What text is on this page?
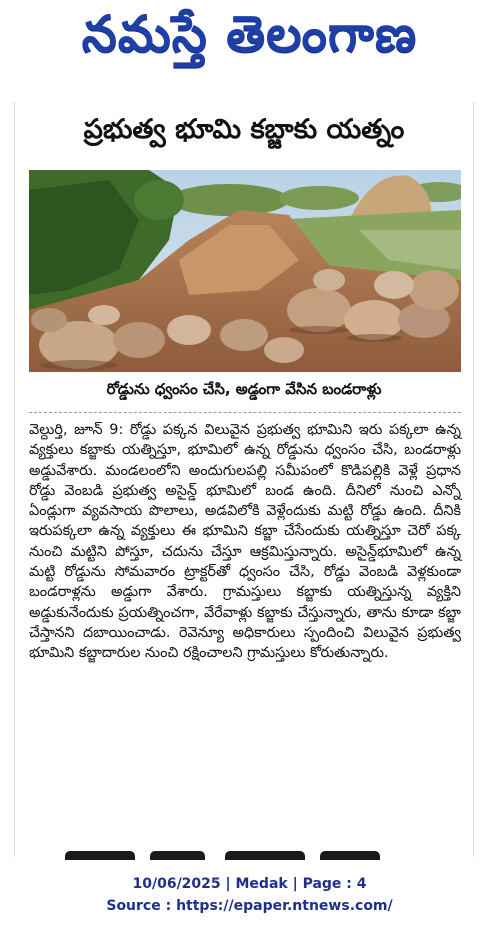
నమస్తే తెలంగాణ
ప్రభుత్వ భూమి కబ్జాకు యత్నం
రోడ్డును ధ్వంసం చేసి, అడ్డంగా వేసిన బండరాళ్లు

వెల్దుర్తి, జూన్ 9: రోడ్డు పక్కన విలువైన ప్రభుత్వ భూమిని ఇరు పక్కలా ఉన్న వ్యక్తులు కబ్జాకు యత్నిస్తూ, భూమిలో ఉన్న రోడ్డును ధ్వంసం చేసి, బండరాళ్లు అడ్డువేశారు. మండలంలోని అందుగులపల్లి సమీపంలో కొడిపల్లికి వెళ్లే ప్రధాన రోడ్డు వెంబడి ప్రభుత్వ అసైన్డ్ భూమిలో బండ ఉంది. దీనిలో నుంచి ఎన్నో ఏండ్లుగా వ్యవసాయ పొలాలు, అడవిలోకి వెళ్లేందుకు మట్టి రోడ్డు ఉంది. దీనికి ఇరుపక్కలా ఉన్న వ్యక్తులు ఈ భూమిని కబ్జా చేసేందుకు యత్నిస్తూ చెరో పక్క నుంచి మట్టిని పోస్తూ, చదును చేస్తూ ఆక్రమిస్తున్నారు. అసైన్డ్‌భూమిలో ఉన్న మట్టి రోడ్డును సోమవారం ట్రాక్టర్‌తో ధ్వంసం చేసి, రోడ్డు వెంబడి వెళ్లకుండా బండరాళ్లను అడ్డుగా వేశారు. గ్రామస్తులు కబ్జాకు యత్నిస్తున్న వ్యక్తిని అడ్డుకునేందుకు ప్రయత్నించగా, వేరేవాళ్లు కబ్జాకు చేస్తున్నారు, తాను కూడా కబ్జా చేస్తానని దబాయించాడు. రెవెన్యూ అధికారులు స్పందించి విలువైన ప్రభుత్వ భూమిని కబ్జాదారుల నుంచి రక్షించాలని గ్రామస్తులు కోరుతున్నారు.

10/06/2025 | Medak | Page : 4
Source : https://epaper.ntnews.com/
